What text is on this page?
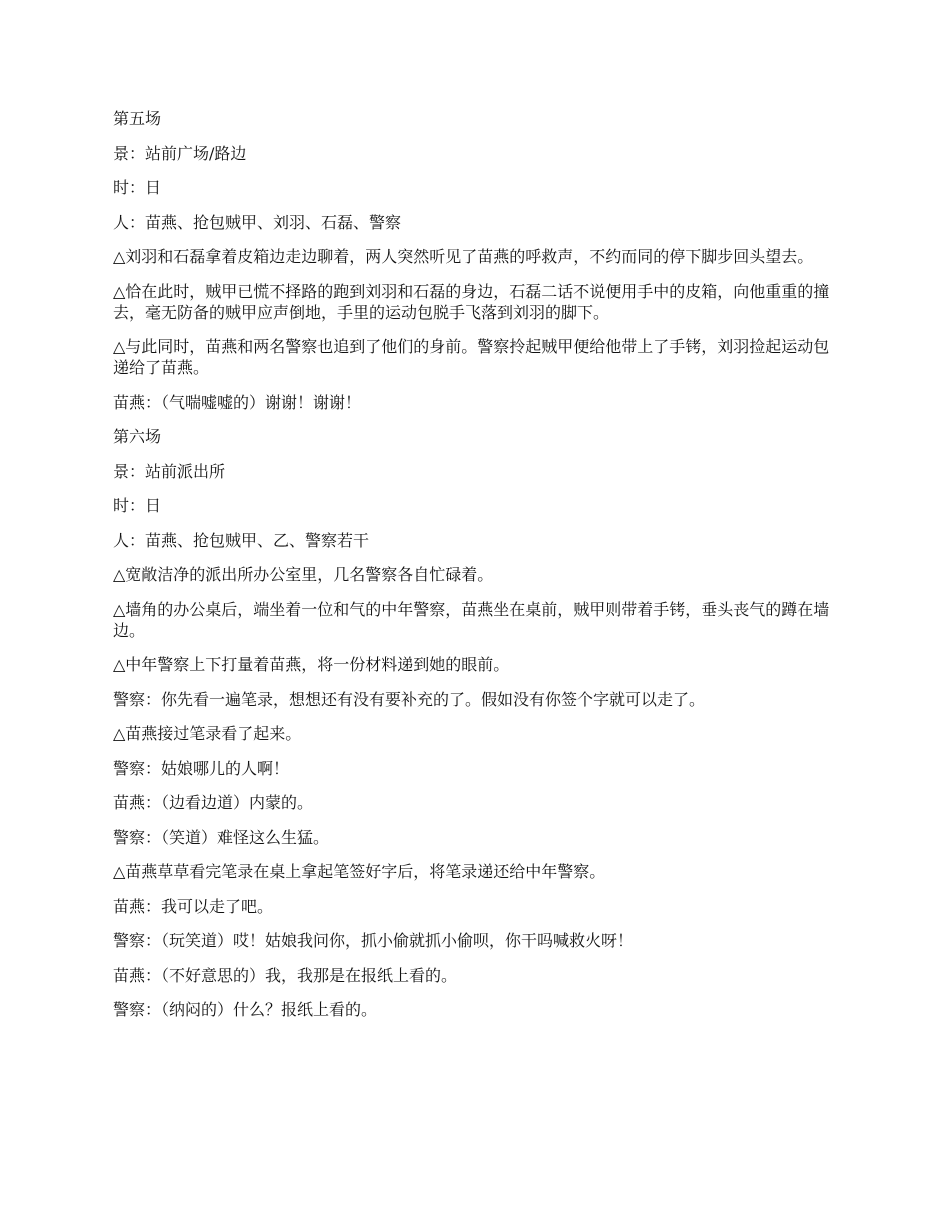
第五场

景：站前广场/路边

时：日

人：苗燕、抢包贼甲、刘羽、石磊、警察

△刘羽和石磊拿着皮箱边走边聊着，两人突然听见了苗燕的呼救声，不约而同的停下脚步回头望去。

△恰在此时，贼甲已慌不择路的跑到刘羽和石磊的身边，石磊二话不说便用手中的皮箱，向他重重的撞去，毫无防备的贼甲应声倒地，手里的运动包脱手飞落到刘羽的脚下。

△与此同时，苗燕和两名警察也追到了他们的身前。警察拎起贼甲便给他带上了手铐，刘羽捡起运动包递给了苗燕。

苗燕：（气喘嘘嘘的）谢谢！谢谢！

第六场

景：站前派出所

时：日

人：苗燕、抢包贼甲、乙、警察若干

△宽敞洁净的派出所办公室里，几名警察各自忙碌着。

△墙角的办公桌后，端坐着一位和气的中年警察，苗燕坐在桌前，贼甲则带着手铐，垂头丧气的蹲在墙边。

△中年警察上下打量着苗燕，将一份材料递到她的眼前。

警察：你先看一遍笔录，想想还有没有要补充的了。假如没有你签个字就可以走了。

△苗燕接过笔录看了起来。

警察：姑娘哪儿的人啊！

苗燕：（边看边道）内蒙的。

警察：（笑道）难怪这么生猛。

△苗燕草草看完笔录在桌上拿起笔签好字后，将笔录递还给中年警察。

苗燕：我可以走了吧。

警察：（玩笑道）哎！姑娘我问你，抓小偷就抓小偷呗，你干吗喊救火呀！

苗燕：（不好意思的）我，我那是在报纸上看的。

警察：（纳闷的）什么？报纸上看的。
